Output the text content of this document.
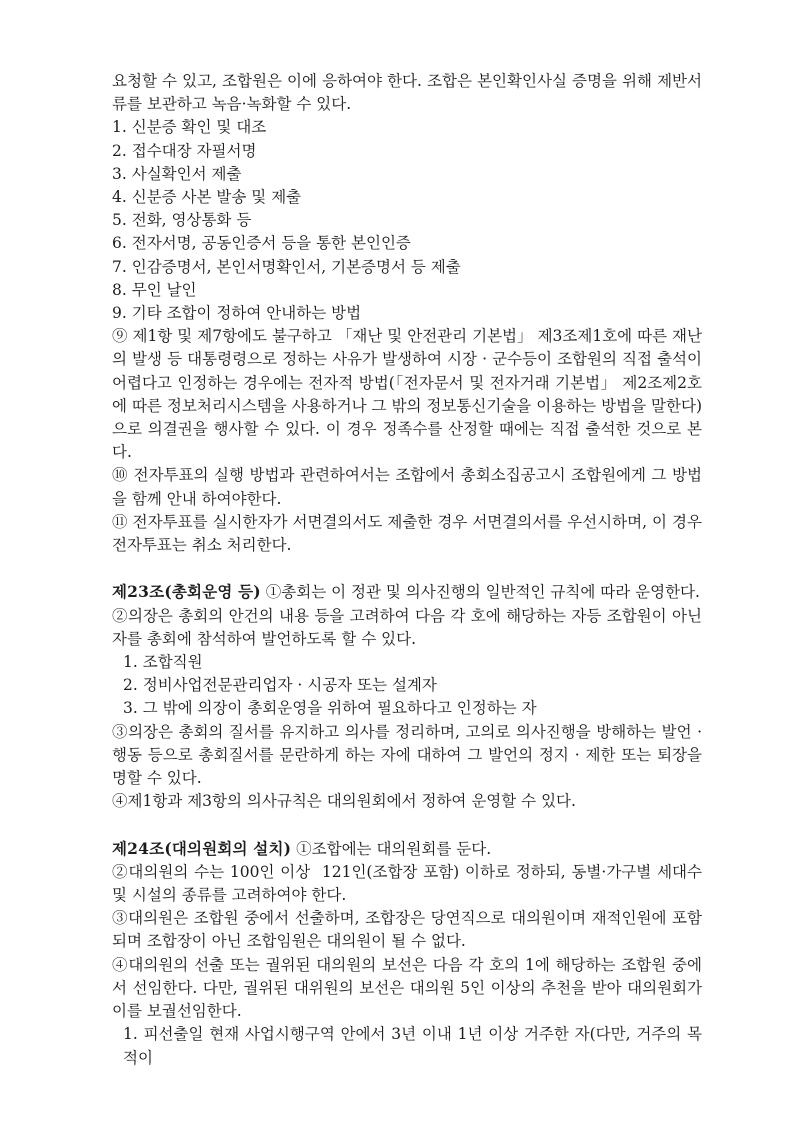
요청할 수 있고, 조합원은 이에 응하여야 한다. 조합은 본인확인사실 증명을 위해 제반서류를 보관하고 녹음·녹화할 수 있다.

1. 신분증 확인 및 대조

2. 접수대장 자필서명

3. 사실확인서 제출

4. 신분증 사본 발송 및 제출

5. 전화, 영상통화 등

6. 전자서명, 공동인증서 등을 통한 본인인증

7. 인감증명서, 본인서명확인서, 기본증명서 등 제출

8. 무인 날인

9. 기타 조합이 정하여 안내하는 방법

⑨ 제1항 및 제7항에도 불구하고 「재난 및 안전관리 기본법」 제3조제1호에 따른 재난의 발생 등 대통령령으로 정하는 사유가 발생하여 시장 · 군수등이 조합원의 직접 출석이 어렵다고 인정하는 경우에는 전자적 방법(「전자문서 및 전자거래 기본법」 제2조제2호에 따른 정보처리시스템을 사용하거나 그 밖의 정보통신기술을 이용하는 방법을 말한다)으로 의결권을 행사할 수 있다. 이 경우 정족수를 산정할 때에는 직접 출석한 것으로 본다.

⑩ 전자투표의 실행 방법과 관련하여서는 조합에서 총회소집공고시 조합원에게 그 방법을 함께 안내 하여야한다.

⑪ 전자투표를 실시한자가 서면결의서도 제출한 경우 서면결의서를 우선시하며, 이 경우 전자투표는 취소 처리한다.

제23조(총회운영 등) ①총회는 이 정관 및 의사진행의 일반적인 규칙에 따라 운영한다.

②의장은 총회의 안건의 내용 등을 고려하여 다음 각 호에 해당하는 자등 조합원이 아닌 자를 총회에 참석하여 발언하도록 할 수 있다.

1. 조합직원

2. 정비사업전문관리업자 · 시공자 또는 설계자

3. 그 밖에 의장이 총회운영을 위하여 필요하다고 인정하는 자

③의장은 총회의 질서를 유지하고 의사를 정리하며, 고의로 의사진행을 방해하는 발언 · 행동 등으로 총회질서를 문란하게 하는 자에 대하여 그 발언의 정지 · 제한 또는 퇴장을 명할 수 있다.

④제1항과 제3항의 의사규칙은 대의원회에서 정하여 운영할 수 있다.

제24조(대의원회의 설치) ①조합에는 대의원회를 둔다.

②대의원의 수는 100인 이상  121인(조합장 포함) 이하로 정하되, 동별·가구별 세대수 및 시설의 종류를 고려하여야 한다.

③대의원은 조합원 중에서 선출하며, 조합장은 당연직으로 대의원이며 재적인원에 포함되며 조합장이 아닌 조합임원은 대의원이 될 수 없다.

④대의원의 선출 또는 궐위된 대의원의 보선은 다음 각 호의 1에 해당하는 조합원 중에서 선임한다. 다만, 궐위된 대위원의 보선은 대의원 5인 이상의 추천을 받아 대의원회가 이를 보궐선임한다.

1. 피선출일 현재 사업시행구역 안에서 3년 이내 1년 이상 거주한 자(다만, 거주의 목적이
